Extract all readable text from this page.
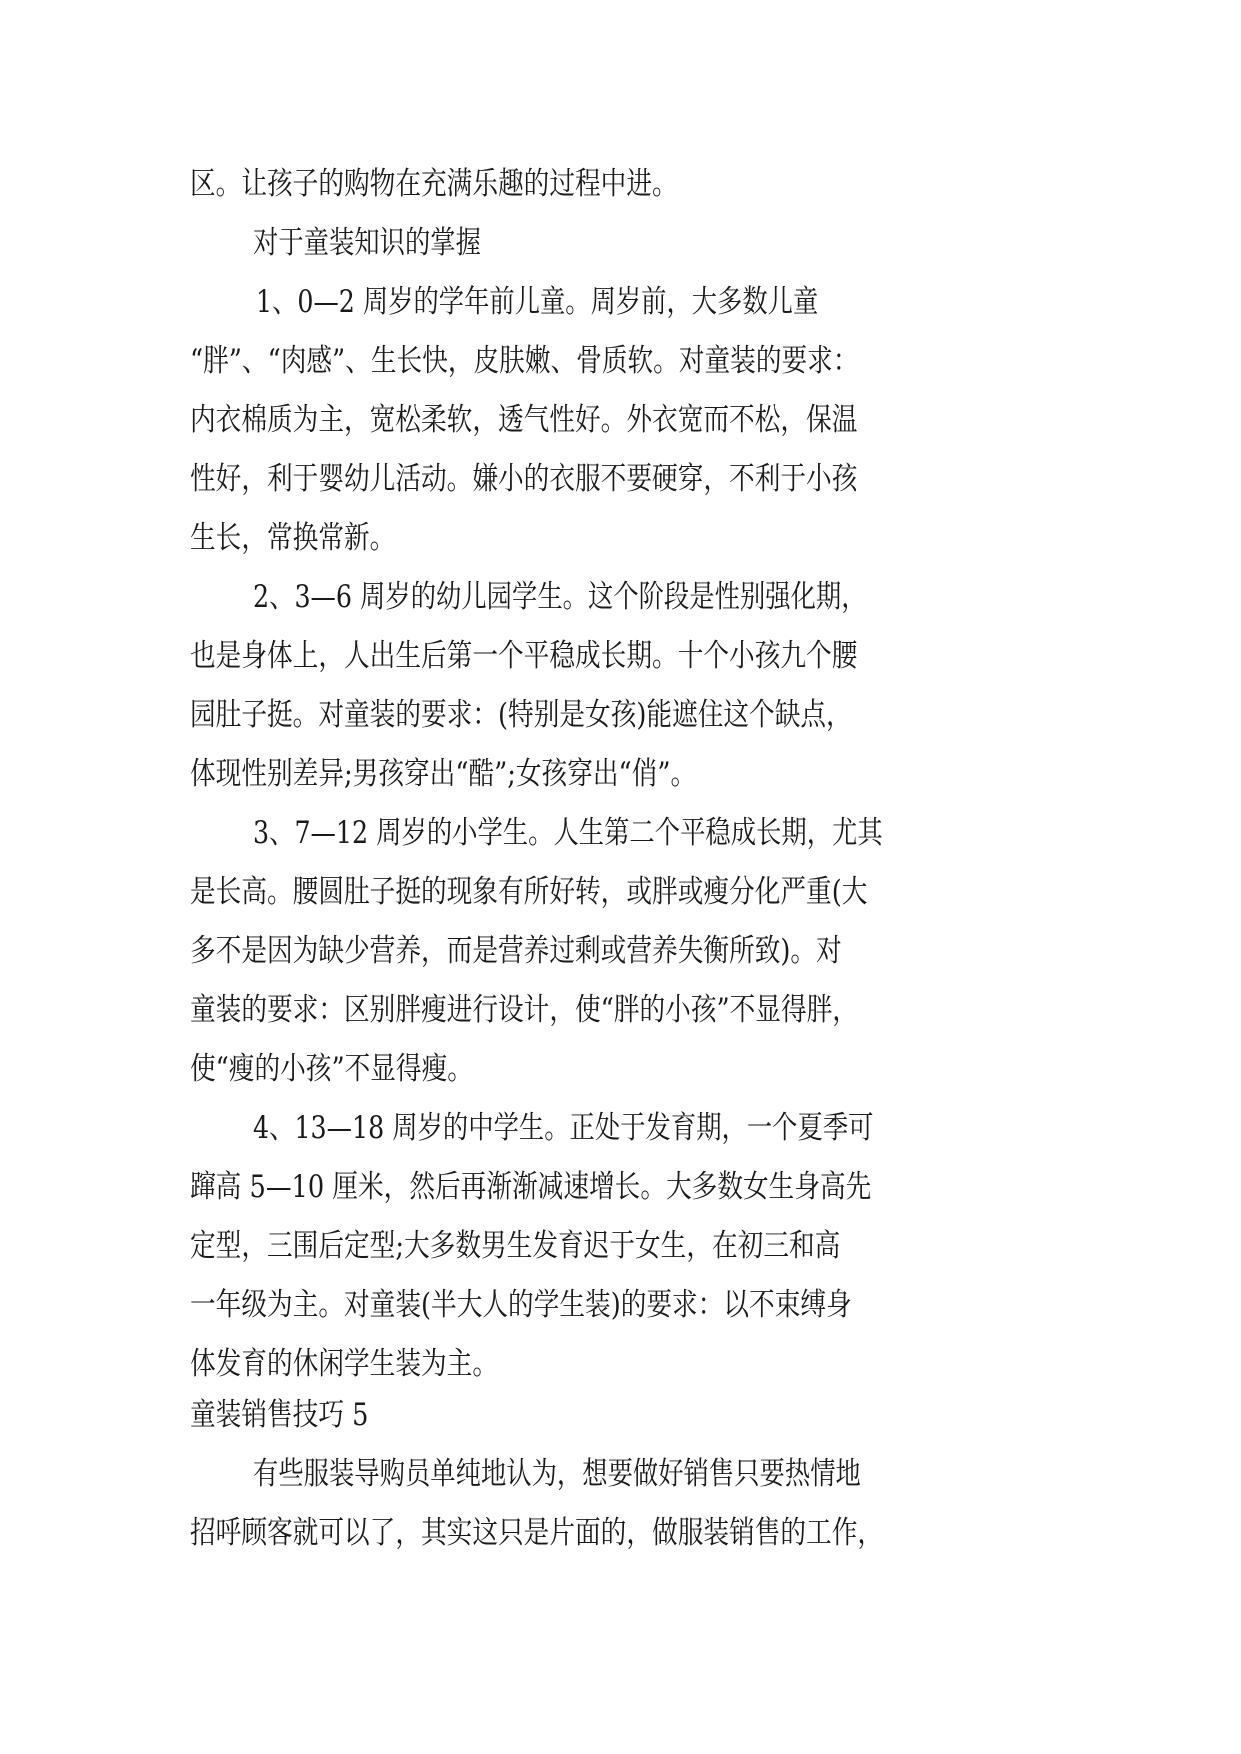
区。让孩子的购物在充满乐趣的过程中进。
对于童装知识的掌握
1、0—2 周岁的学年前儿童。周岁前，大多数儿童
“胖”、“肉感”、生长快，皮肤嫩、骨质软。对童装的要求：
内衣棉质为主，宽松柔软，透气性好。外衣宽而不松，保温
性好，利于婴幼儿活动。嫌小的衣服不要硬穿，不利于小孩
生长，常换常新。
2、3—6 周岁的幼儿园学生。这个阶段是性别强化期，
也是身体上，人出生后第一个平稳成长期。十个小孩九个腰
园肚子挺。对童装的要求：(特别是女孩)能遮住这个缺点，
体现性别差异;男孩穿出“酷”;女孩穿出“俏”。
3、7—12 周岁的小学生。人生第二个平稳成长期，尤其
是长高。腰圆肚子挺的现象有所好转，或胖或瘦分化严重(大
多不是因为缺少营养，而是营养过剩或营养失衡所致)。对
童装的要求：区别胖瘦进行设计，使“胖的小孩”不显得胖，
使“瘦的小孩”不显得瘦。
4、13—18 周岁的中学生。正处于发育期，一个夏季可
蹿高 5—10 厘米，然后再渐渐减速增长。大多数女生身高先
定型，三围后定型;大多数男生发育迟于女生，在初三和高
一年级为主。对童装(半大人的学生装)的要求：以不束缚身
体发育的休闲学生装为主。
童装销售技巧 5
有些服装导购员单纯地认为，想要做好销售只要热情地
招呼顾客就可以了，其实这只是片面的，做服装销售的工作，
